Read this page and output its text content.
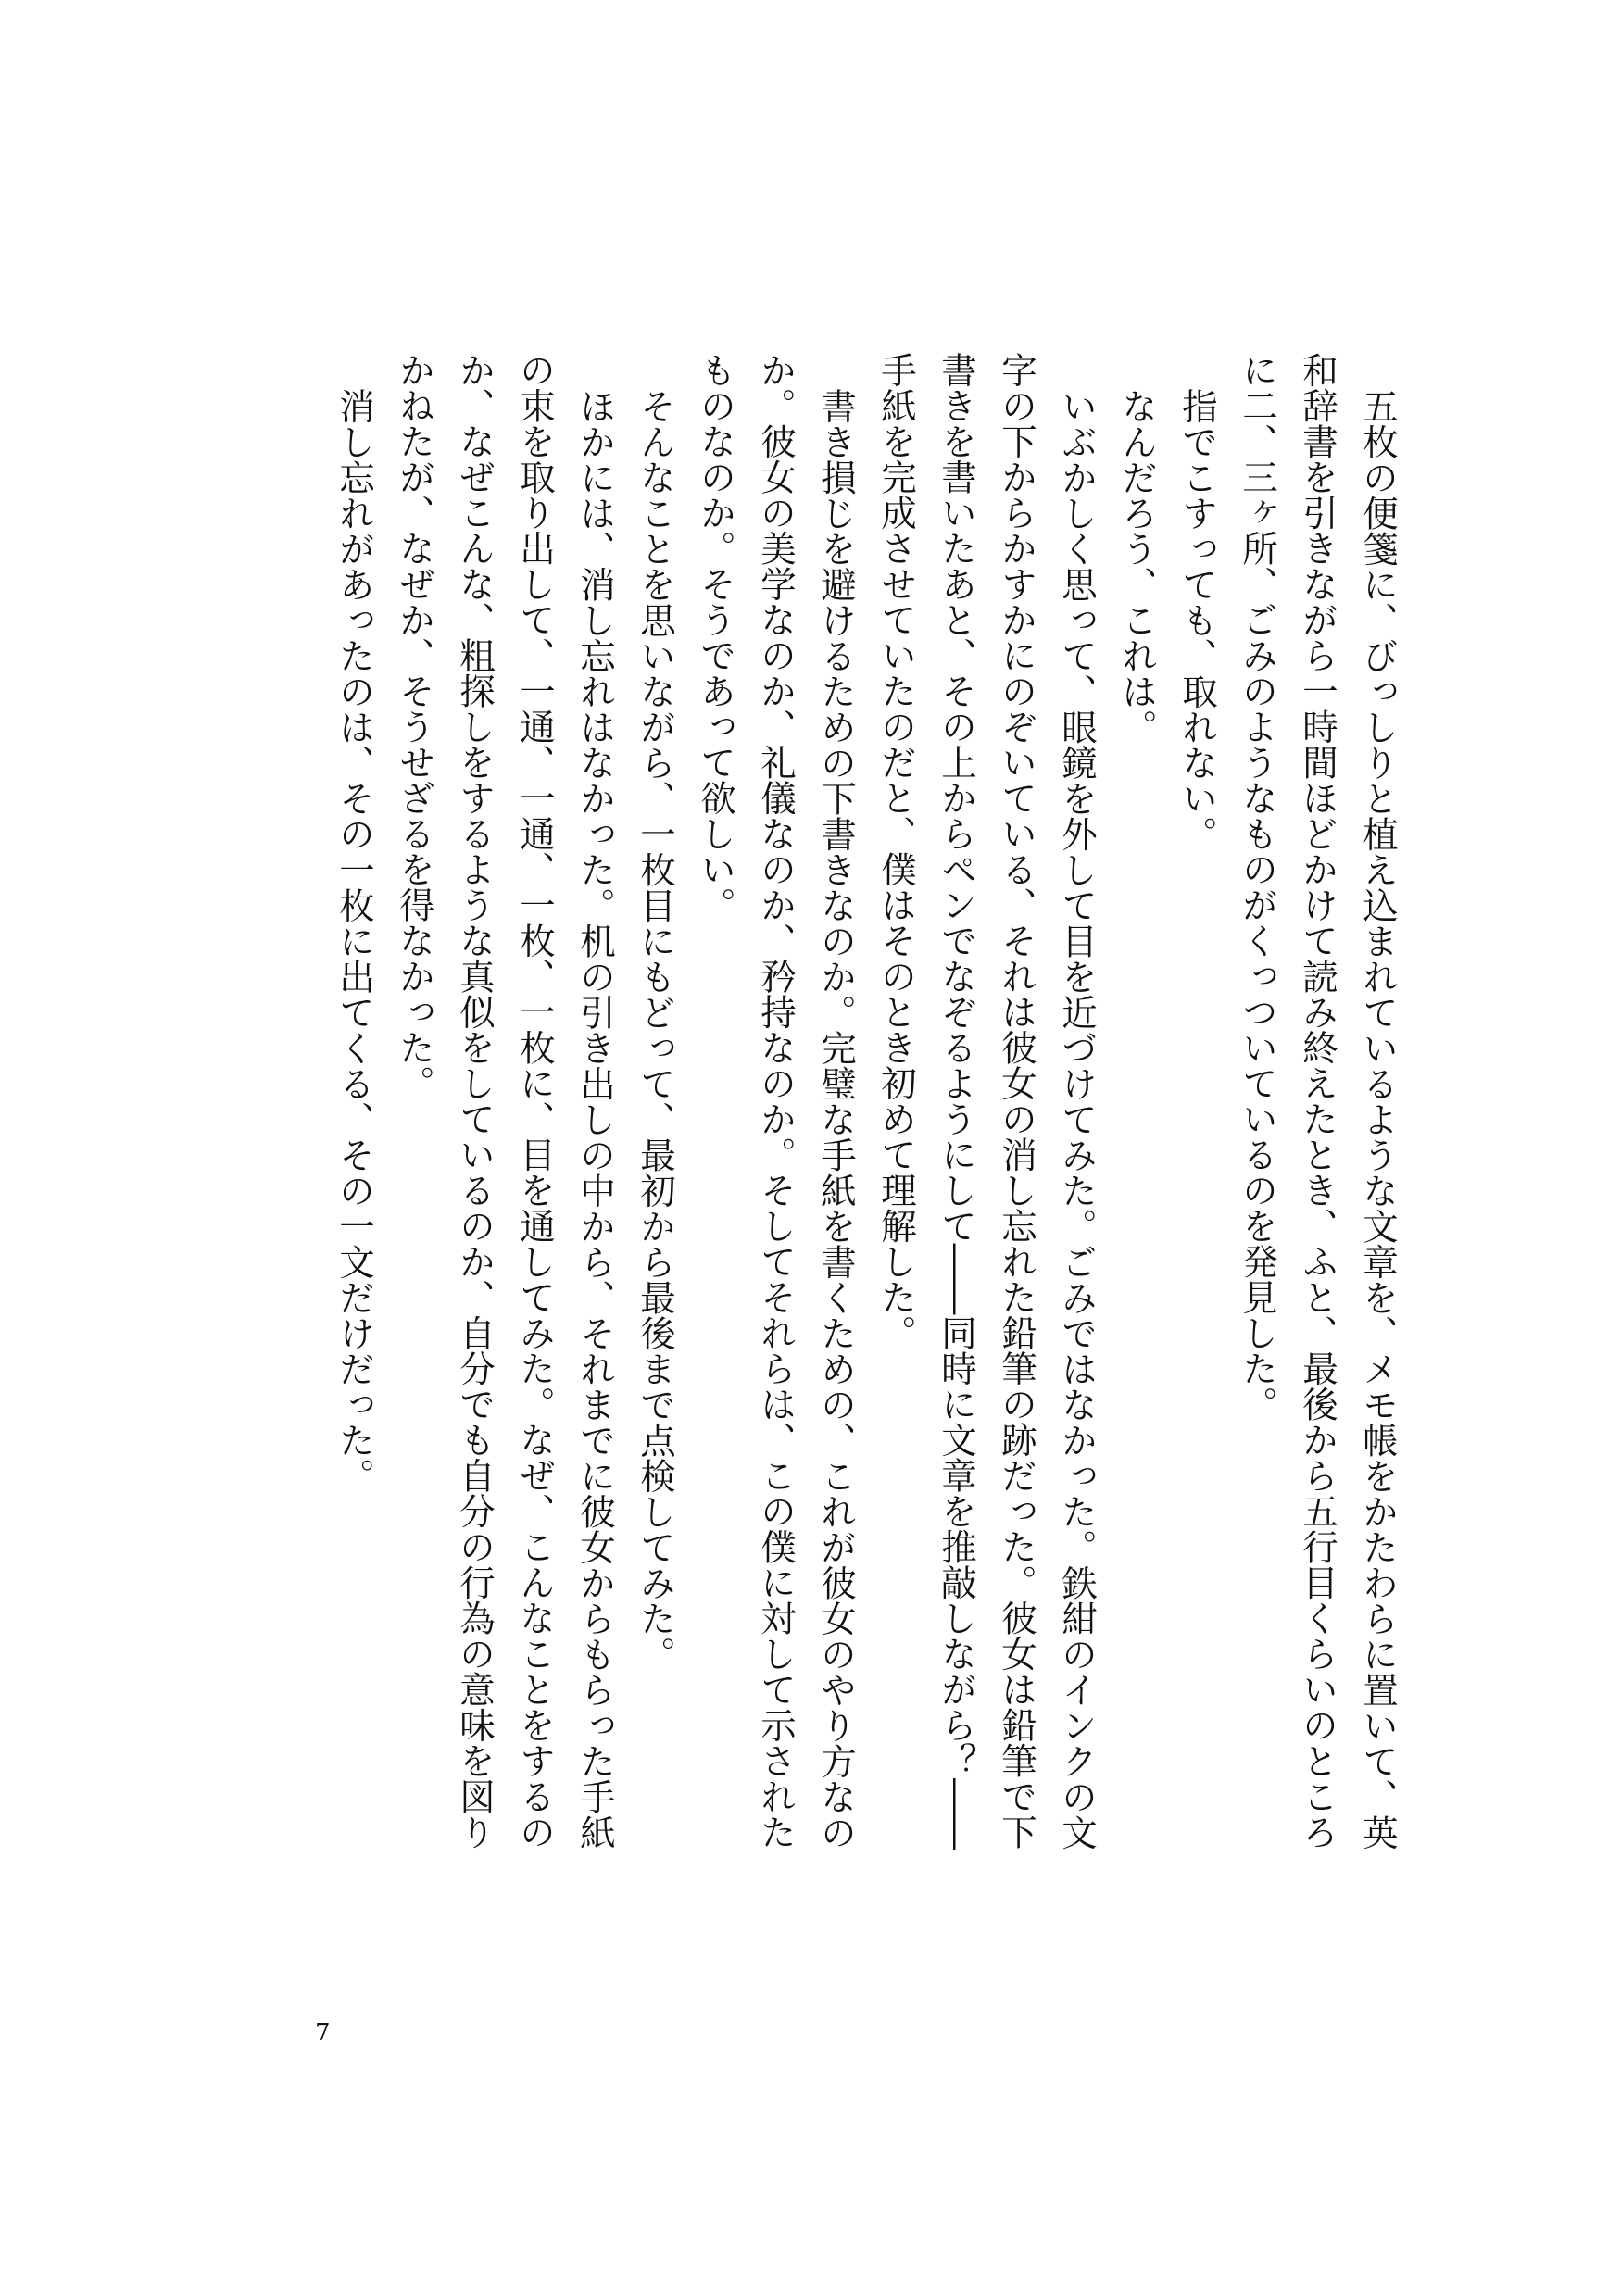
五枚の便箋に、びっしりと植え込まれているような文章を、メモ帳をかたわらに置いて、英和辞書を引きながら一時間ほどかけて読み終えたとき、ふと、最後から五行目くらいのところに二、三ヶ所、ごみのようなものがくっついているのを発見した。

指でこすっても、取れない。

なんだろう、これは。

いぶかしく思って、眼鏡を外して目を近づけてみた。ごみではなかった。鉄紺のインクの文字の下からかすかにのぞいている、それは彼女の消し忘れた鉛筆の跡だった。彼女は鉛筆で下書きを書いたあと、その上からペンでなぞるようにして――同時に文章を推敲しながら？――手紙を完成させていたのだと、僕はそのとき初めて理解した。

書き損じを避けるための下書きなのか。完璧な手紙を書くための、これが彼女のやり方なのか。彼女の美学なのか、礼儀なのか、矜持なのか。そしてそれらは、この僕に対して示されたものなのか。そうであって欲しい。

そんなことを思いながら、一枚目にもどって、最初から最後まで点検してみた。

ほかには、消し忘れはなかった。机の引き出しの中から、それまでに彼女からもらった手紙の束を取り出して、一通、一通、一枚、一枚に、目を通してみた。なぜ、こんなことをするのか、なぜこんな、粗探しをするような真似をしているのか、自分でも自分の行為の意味を図りかねたが、なぜか、そうせざるを得なかった。

消し忘れがあったのは、その一枚に出てくる、その一文だけだった。

7
